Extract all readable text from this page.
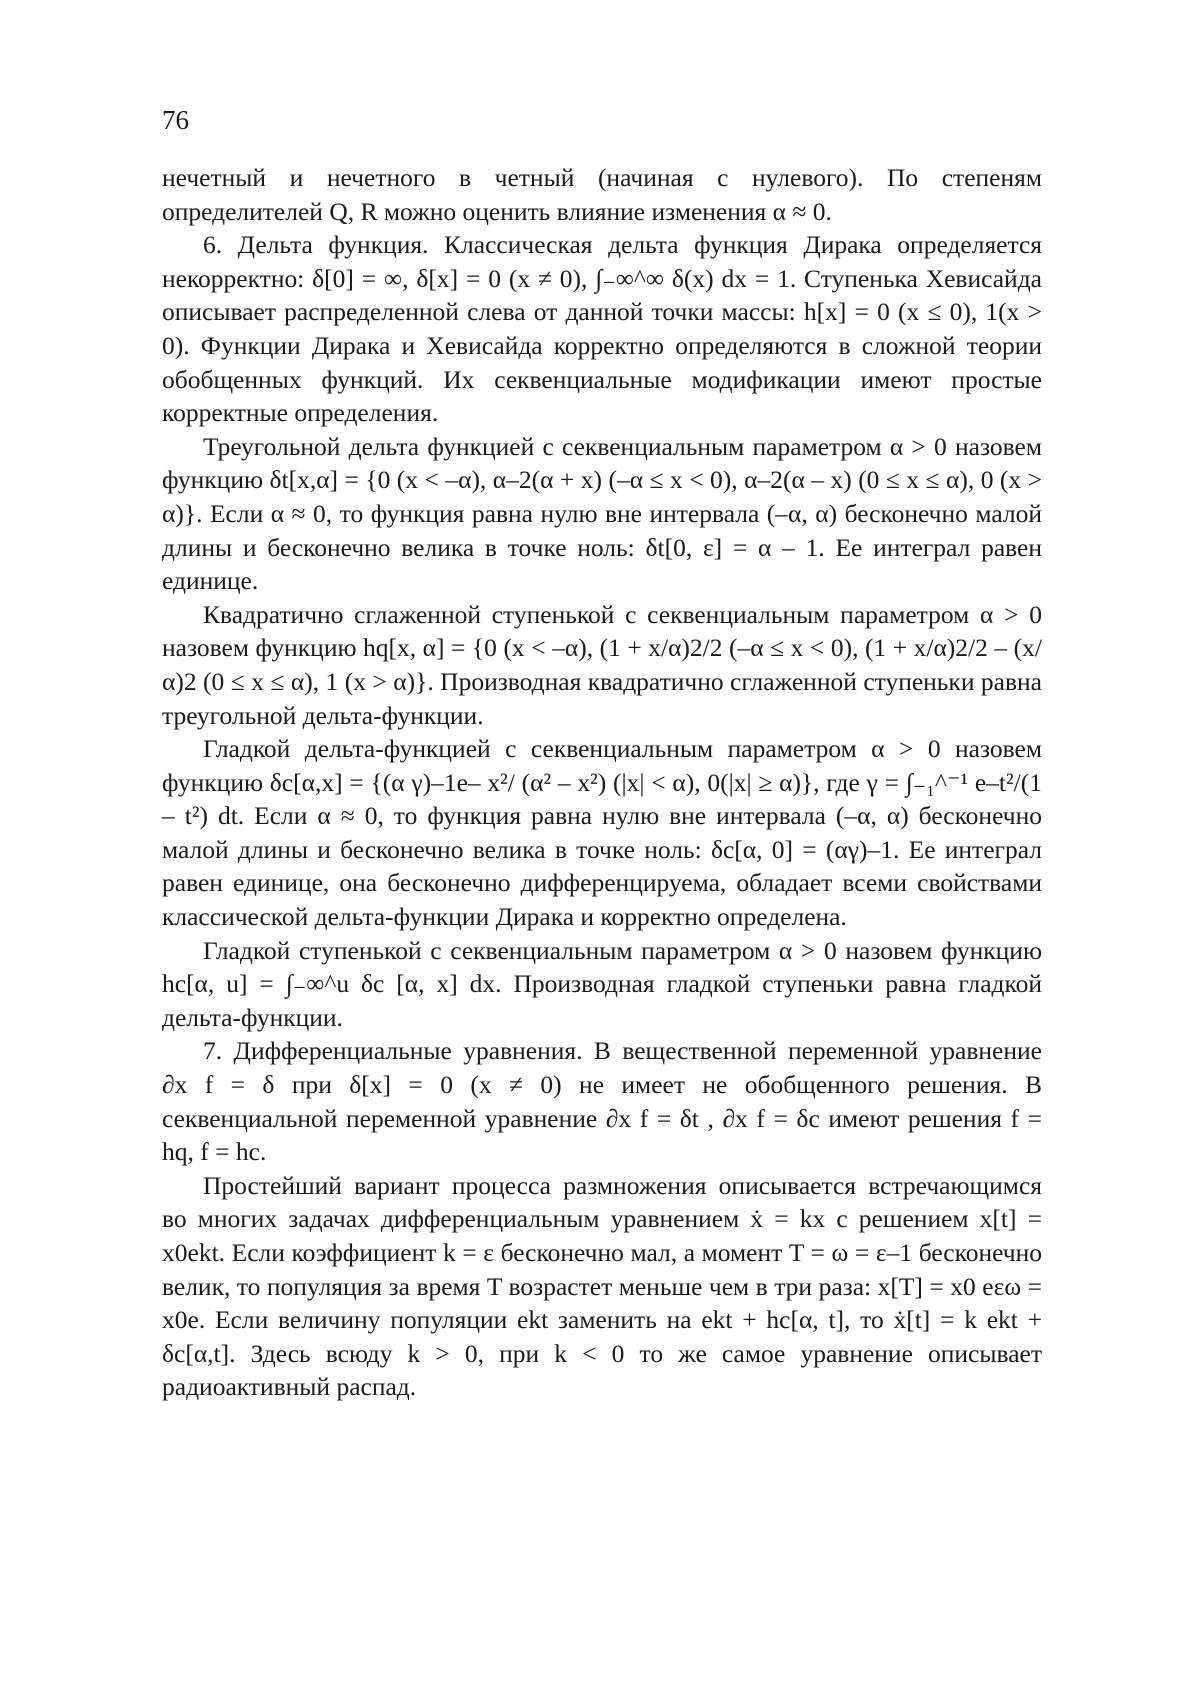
76

нечетный и нечетного в четный (начиная с нулевого). По степеням определителей Q, R можно оценить влияние изменения α ≈ 0.

6. Дельта функция. Классическая дельта функция Дирака определяется некорректно: δ[0] = ∞, δ[x] = 0 (x ≠ 0), ∫₋∞^∞ δ(x) dx = 1. Ступенька Хевисайда описывает распределенной слева от данной точки массы: h[x] = 0 (x ≤ 0), 1(x > 0). Функции Дирака и Хевисайда корректно определяются в сложной теории обобщенных функций. Их секвенциальные модификации имеют простые корректные определения.

Треугольной дельта функцией с секвенциальным параметром α > 0 назовем функцию δt[x,α] = {0 (x < –α), α–2(α + x) (–α ≤ x < 0), α–2(α – x) (0 ≤ x ≤ α), 0 (x > α)}. Если α ≈ 0, то функция равна нулю вне интервала (–α, α) бесконечно малой длины и бесконечно велика в точке ноль: δt[0, ε] = α – 1. Ее интеграл равен единице.

Квадратично сглаженной ступенькой с секвенциальным параметром α > 0 назовем функцию hq[x, α] = {0 (x < –α), (1 + x/α)2/2 (–α ≤ x < 0), (1 + x/α)2/2 – (x/α)2 (0 ≤ x ≤ α), 1 (x > α)}. Производная квадратично сглаженной ступеньки равна треугольной дельта-функции.

Гладкой дельта-функцией с секвенциальным параметром α > 0 назовем функцию δc[α,x] = {(α γ)–1e– x²/ (α² – x²) (|x| < α), 0(|x| ≥ α)}, где γ = ∫₋₁^⁻¹ e–t²/(1 – t²) dt. Если α ≈ 0, то функция равна нулю вне интервала (–α, α) бесконечно малой длины и бесконечно велика в точке ноль: δc[α, 0] = (αγ)–1. Ее интеграл равен единице, она бесконечно дифференцируема, обладает всеми свойствами классической дельта-функции Дирака и корректно определена.

Гладкой ступенькой с секвенциальным параметром α > 0 назовем функцию hc[α, u] = ∫₋∞^u δc [α, x] dx. Производная гладкой ступеньки равна гладкой дельта-функции.

7. Дифференциальные уравнения. В вещественной переменной уравнение ∂x f = δ при δ[x] = 0 (x ≠ 0) не имеет не обобщенного решения. В секвенциальной переменной уравнение ∂x f = δt , ∂x f = δc имеют решения f = hq, f = hc.

Простейший вариант процесса размножения описывается встречающимся во многих задачах дифференциальным уравнением ẋ = kx с решением x[t] = x0ekt. Если коэффициент k = ε бесконечно мал, а момент T = ω = ε–1 бесконечно велик, то популяция за время T возрастет меньше чем в три раза: x[T] = x0 eεω = x0e. Если величину популяции ekt заменить на ekt + hc[α, t], то ẋ[t] = k ekt + δc[α,t]. Здесь всюду k > 0, при k < 0 то же самое уравнение описывает радиоактивный распад.
